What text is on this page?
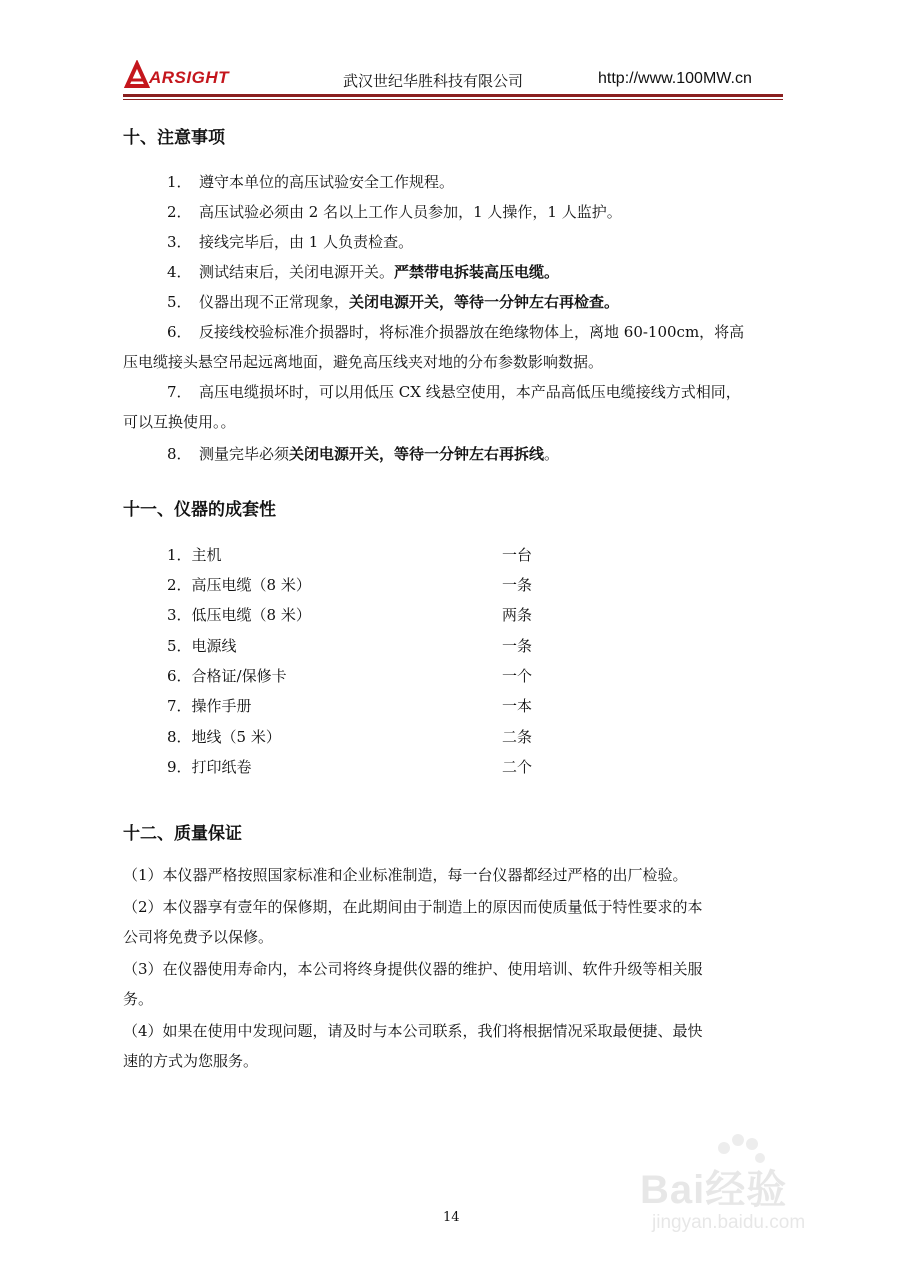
ARSIGHT	武汉世纪华胜科技有限公司	http://www.100MW.cn
十、注意事项
1． 遵守本单位的高压试验安全工作规程。
2． 高压试验必须由 2 名以上工作人员参加，1 人操作，1 人监护。
3． 接线完毕后，由 1 人负责检查。
4． 测试结束后，关闭电源开关。严禁带电拆装高压电缆。
5． 仪器出现不正常现象，关闭电源开关，等待一分钟左右再检查。
6． 反接线校验标准介损器时，将标准介损器放在绝缘物体上，离地 60-100cm，将高
压电缆接头悬空吊起远离地面，避免高压线夹对地的分布参数影响数据。
7． 高压电缆损坏时，可以用低压 CX 线悬空使用，本产品高低压电缆接线方式相同，
可以互换使用。。
8． 测量完毕必须关闭电源开关，等待一分钟左右再拆线。
十一、仪器的成套性
1．主机	一台
2．高压电缆（8 米）	一条
3．低压电缆（8 米）	两条
5．电源线	一条
6．合格证/保修卡	一个
7．操作手册	一本
8．地线（5 米）	二条
9．打印纸卷	二个
十二、质量保证
（1）本仪器严格按照国家标准和企业标准制造，每一台仪器都经过严格的出厂检验。
（2）本仪器享有壹年的保修期，在此期间由于制造上的原因而使质量低于特性要求的本
公司将免费予以保修。
（3）在仪器使用寿命内，本公司将终身提供仪器的维护、使用培训、软件升级等相关服
务。
（4）如果在使用中发现问题，请及时与本公司联系，我们将根据情况采取最便捷、最快
速的方式为您服务。
Bai经验
jingyan.baidu.com
14
